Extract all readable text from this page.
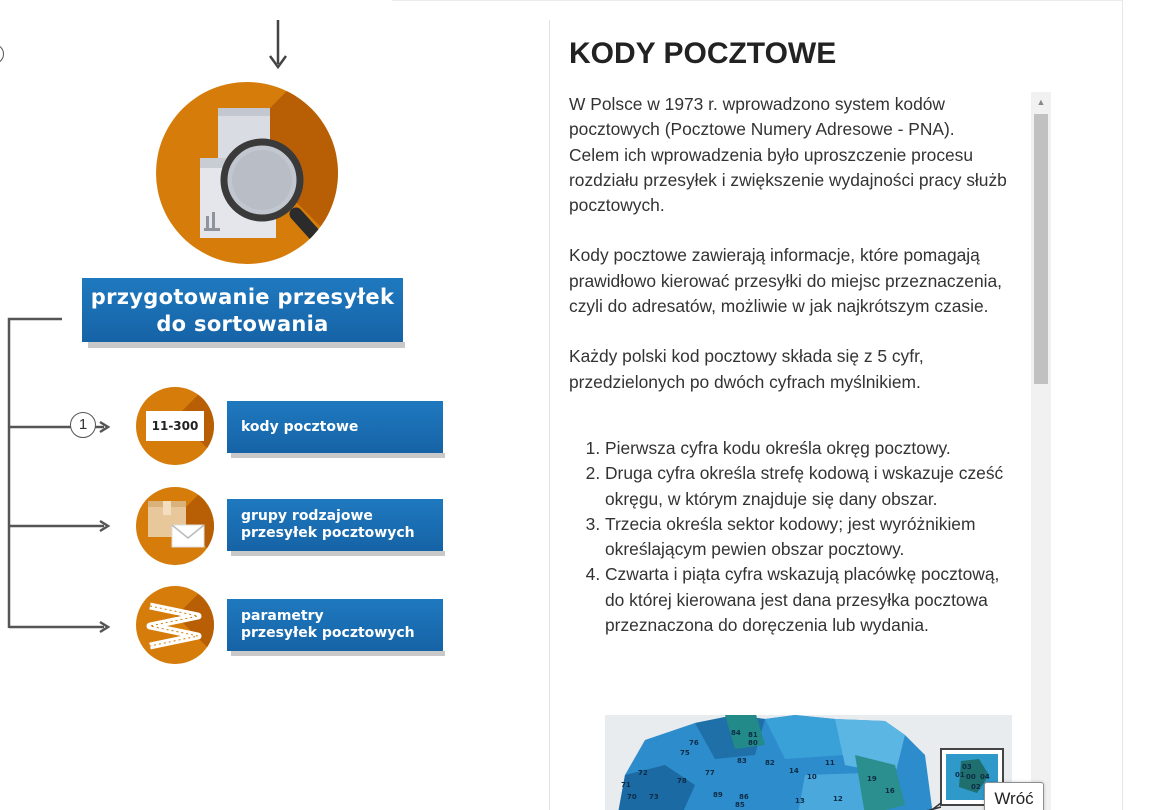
przygotowanie przesyłek
do sortowania
1	11-300	kody pocztowe
grupy rodzajowe
przesyłek pocztowych
parametry
przesyłek pocztowych
KODY POCZTOWE

W Polsce w 1973 r. wprowadzono system kodów pocztowych (Pocztowe Numery Adresowe - PNA). Celem ich wprowadzenia było uproszczenie procesu rozdziału przesyłek i zwiększenie wydajności pracy służb pocztowych.

Kody pocztowe zawierają informacje, które pomagają prawidłowo kierować przesyłki do miejsc przeznaczenia, czyli do adresatów, możliwie w jak najkrótszym czasie.

Każdy polski kod pocztowy składa się z 5 cyfr, przedzielonych po dwóch cyfrach myślnikiem.

1. Pierwsza cyfra kodu określa okręg pocztowy.
2. Druga cyfra określa strefę kodową i wskazuje cześć okręgu, w którym znajduje się dany obszar.
3. Trzecia określa sektor kodowy; jest wyróżnikiem określającym pewien obszar pocztowy.
4. Czwarta i piąta cyfra wskazują placówkę pocztową, do której kierowana jest dana przesyłka pocztowa przeznaczona do doręczenia lub wydania.
84 81
80
76
75
83	82
72	77
78
14
10
11
71
19
16
70 73	89 86
85	13	12
03
01 00 04
02
▲
Wróć
